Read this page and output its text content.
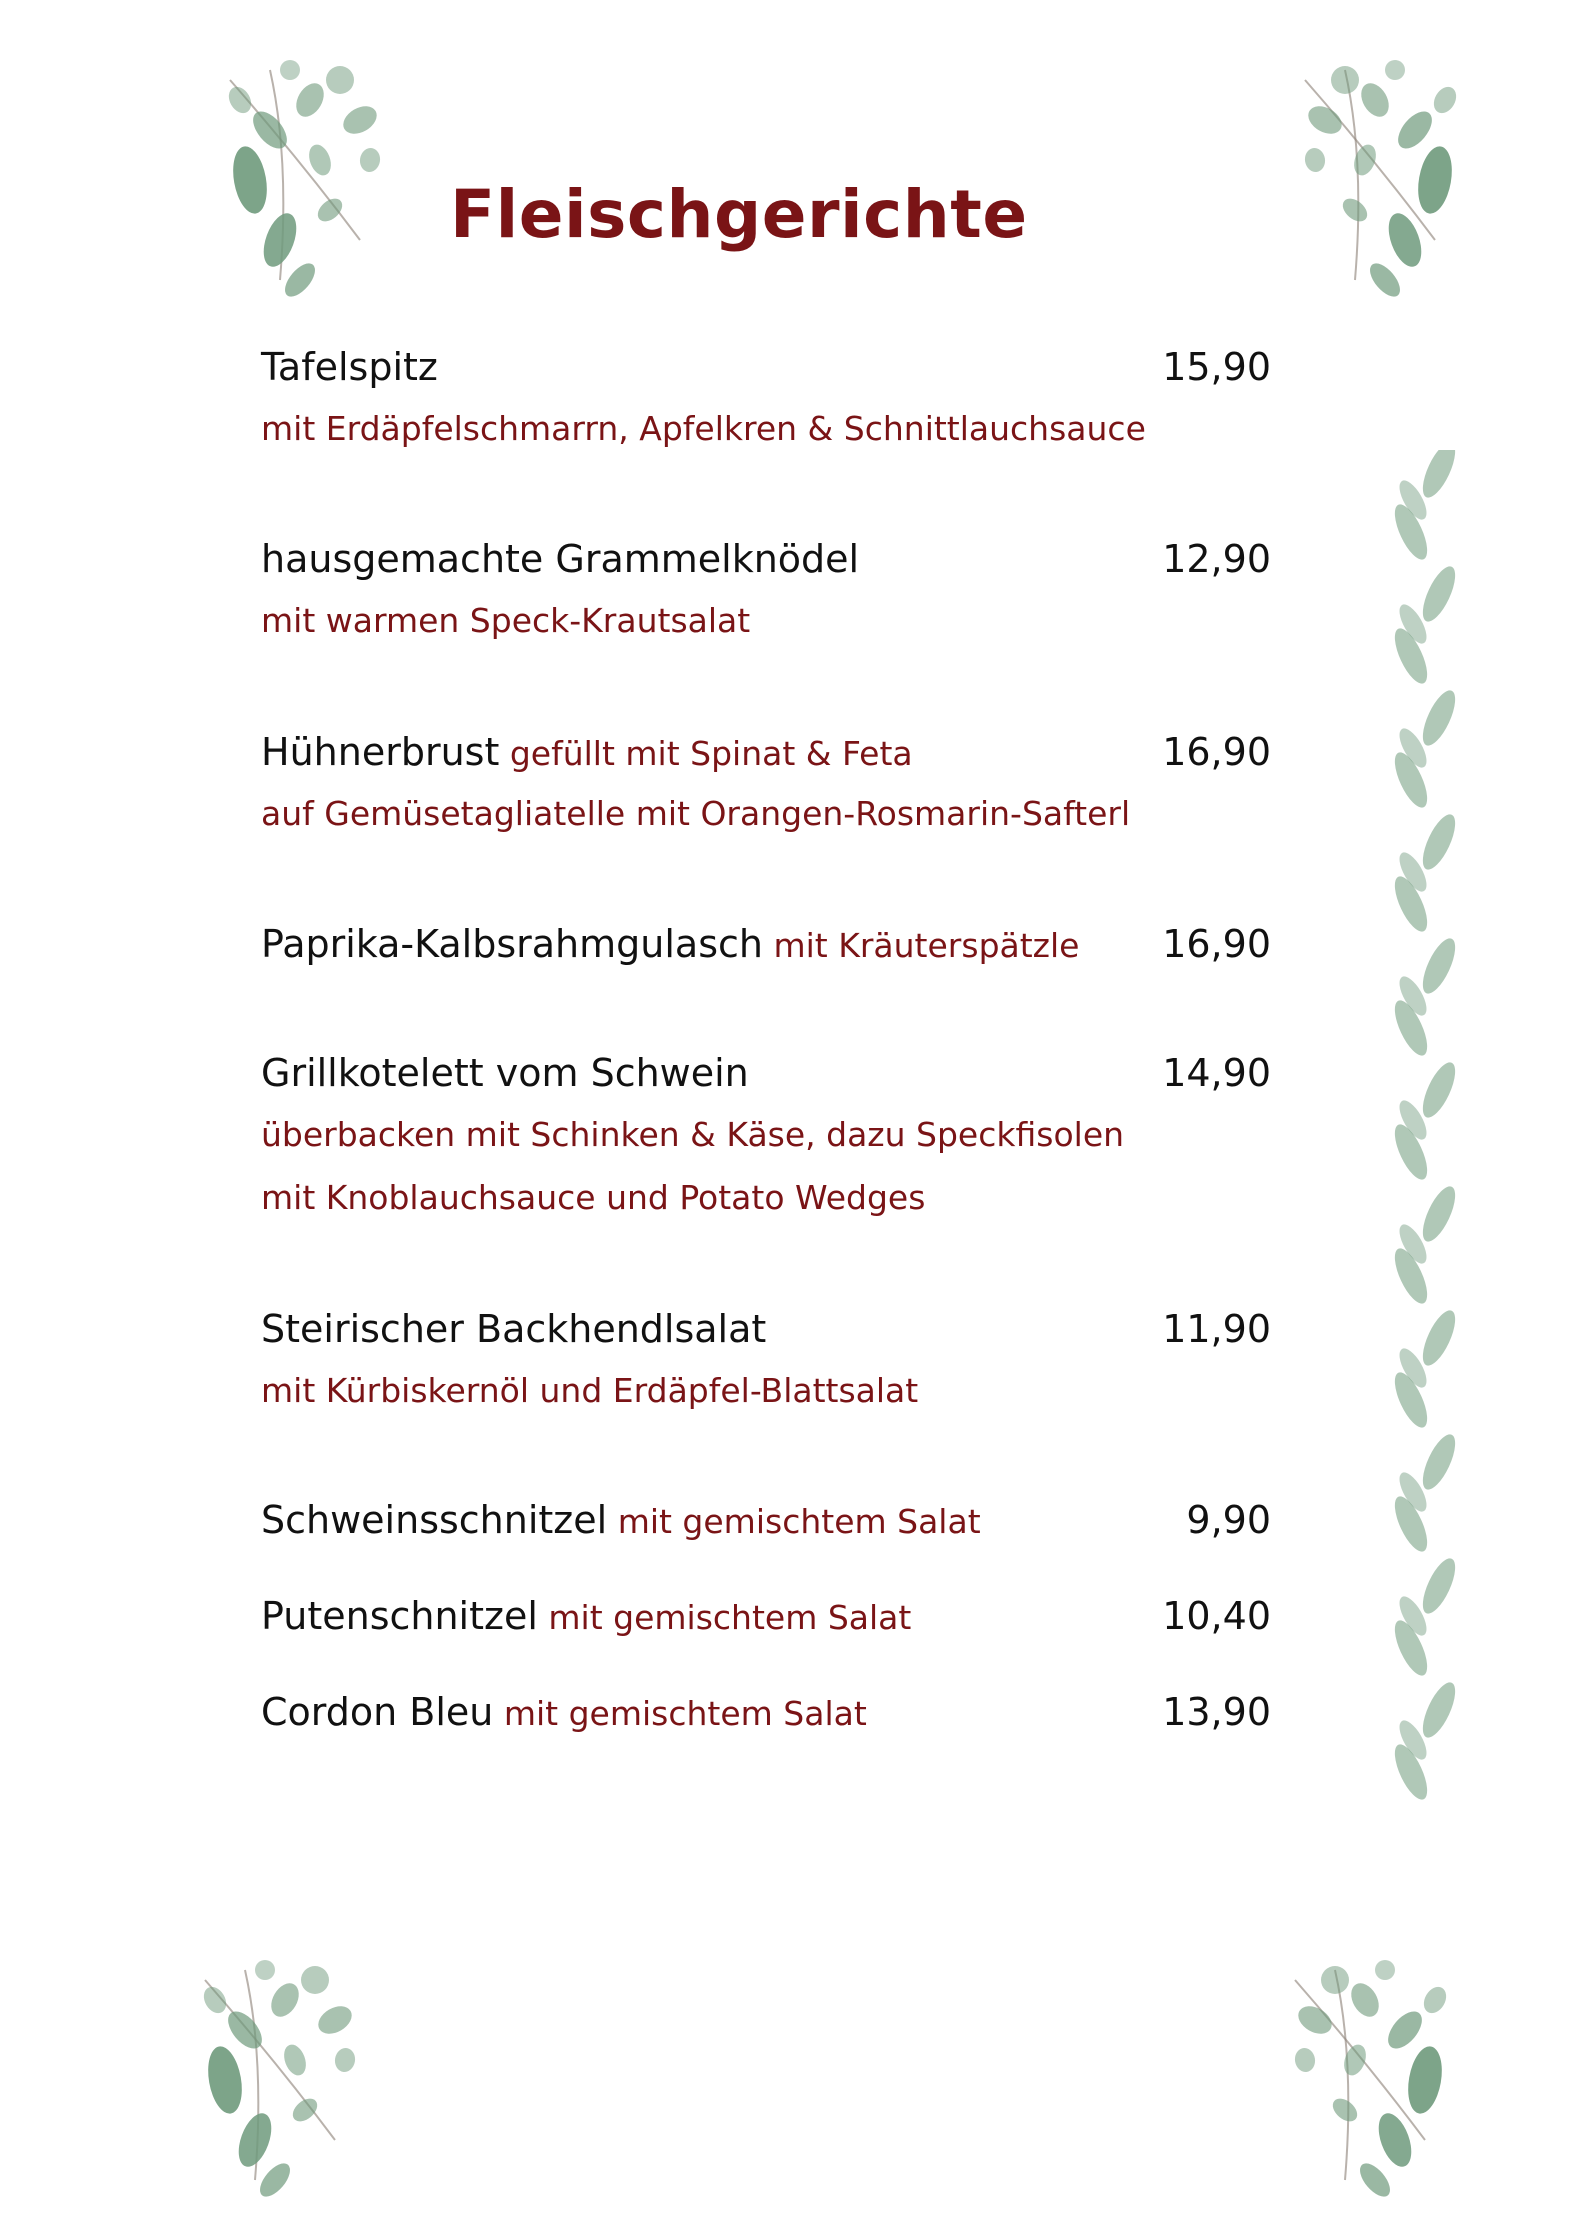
Fleischgerichte
Tafelspitz	15,90
mit Erdäpfelschmarrn, Apfelkren & Schnittlauchsauce
hausgemachte Grammelknödel	12,90
mit warmen Speck-Krautsalat
Hühnerbrust gefüllt mit Spinat & Feta	16,90
auf Gemüsetagliatelle mit Orangen-Rosmarin-Safterl
Paprika-Kalbsrahmgulasch mit Kräuterspätzle 16,90
Grillkotelett vom Schwein	14,90
überbacken mit Schinken & Käse, dazu Speckfisolen
mit Knoblauchsauce und Potato Wedges
Steirischer Backhendlsalat	11,90
mit Kürbiskernöl und Erdäpfel-Blattsalat
Schweinsschnitzel mit gemischtem Salat	9,90
Putenschnitzel mit gemischtem Salat	10,40
Cordon Bleu mit gemischtem Salat	13,90
